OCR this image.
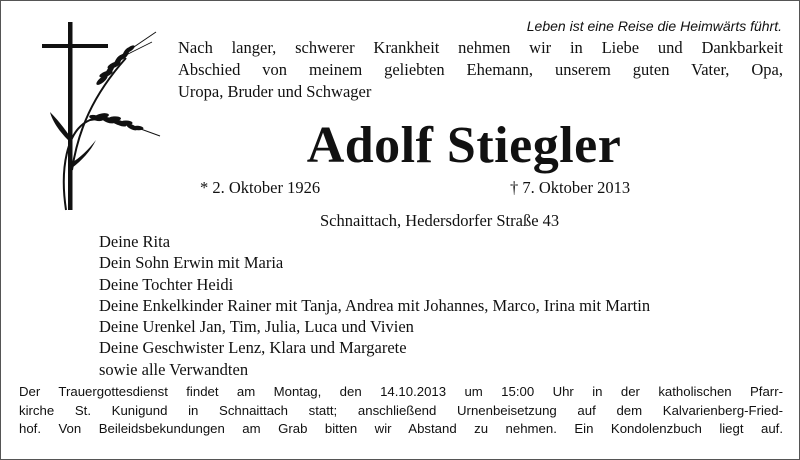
Leben ist eine Reise die Heimwärts führt.
Nach langer, schwerer Krankheit nehmen wir in Liebe und Dankbarkeit
Abschied von meinem geliebten Ehemann, unserem guten Vater, Opa,
Uropa, Bruder und Schwager
Adolf Stiegler
* 2. Oktober 1926	† 7. Oktober 2013
Schnaittach, Hedersdorfer Straße 43
Deine Rita
Dein Sohn Erwin mit Maria
Deine Tochter Heidi
Deine Enkelkinder Rainer mit Tanja, Andrea mit Johannes, Marco, Irina mit Martin
Deine Urenkel Jan, Tim, Julia, Luca und Vivien
Deine Geschwister Lenz, Klara und Margarete
sowie alle Verwandten
Der Trauergottesdienst findet am Montag, den 14.10.2013 um 15:00 Uhr in der katholischen Pfarr-
kirche St. Kunigund in Schnaittach statt; anschließend Urnenbeisetzung auf dem Kalvarienberg-Fried-
hof. Von Beileidsbekundungen am Grab bitten wir Abstand zu nehmen. Ein Kondolenzbuch liegt auf.
